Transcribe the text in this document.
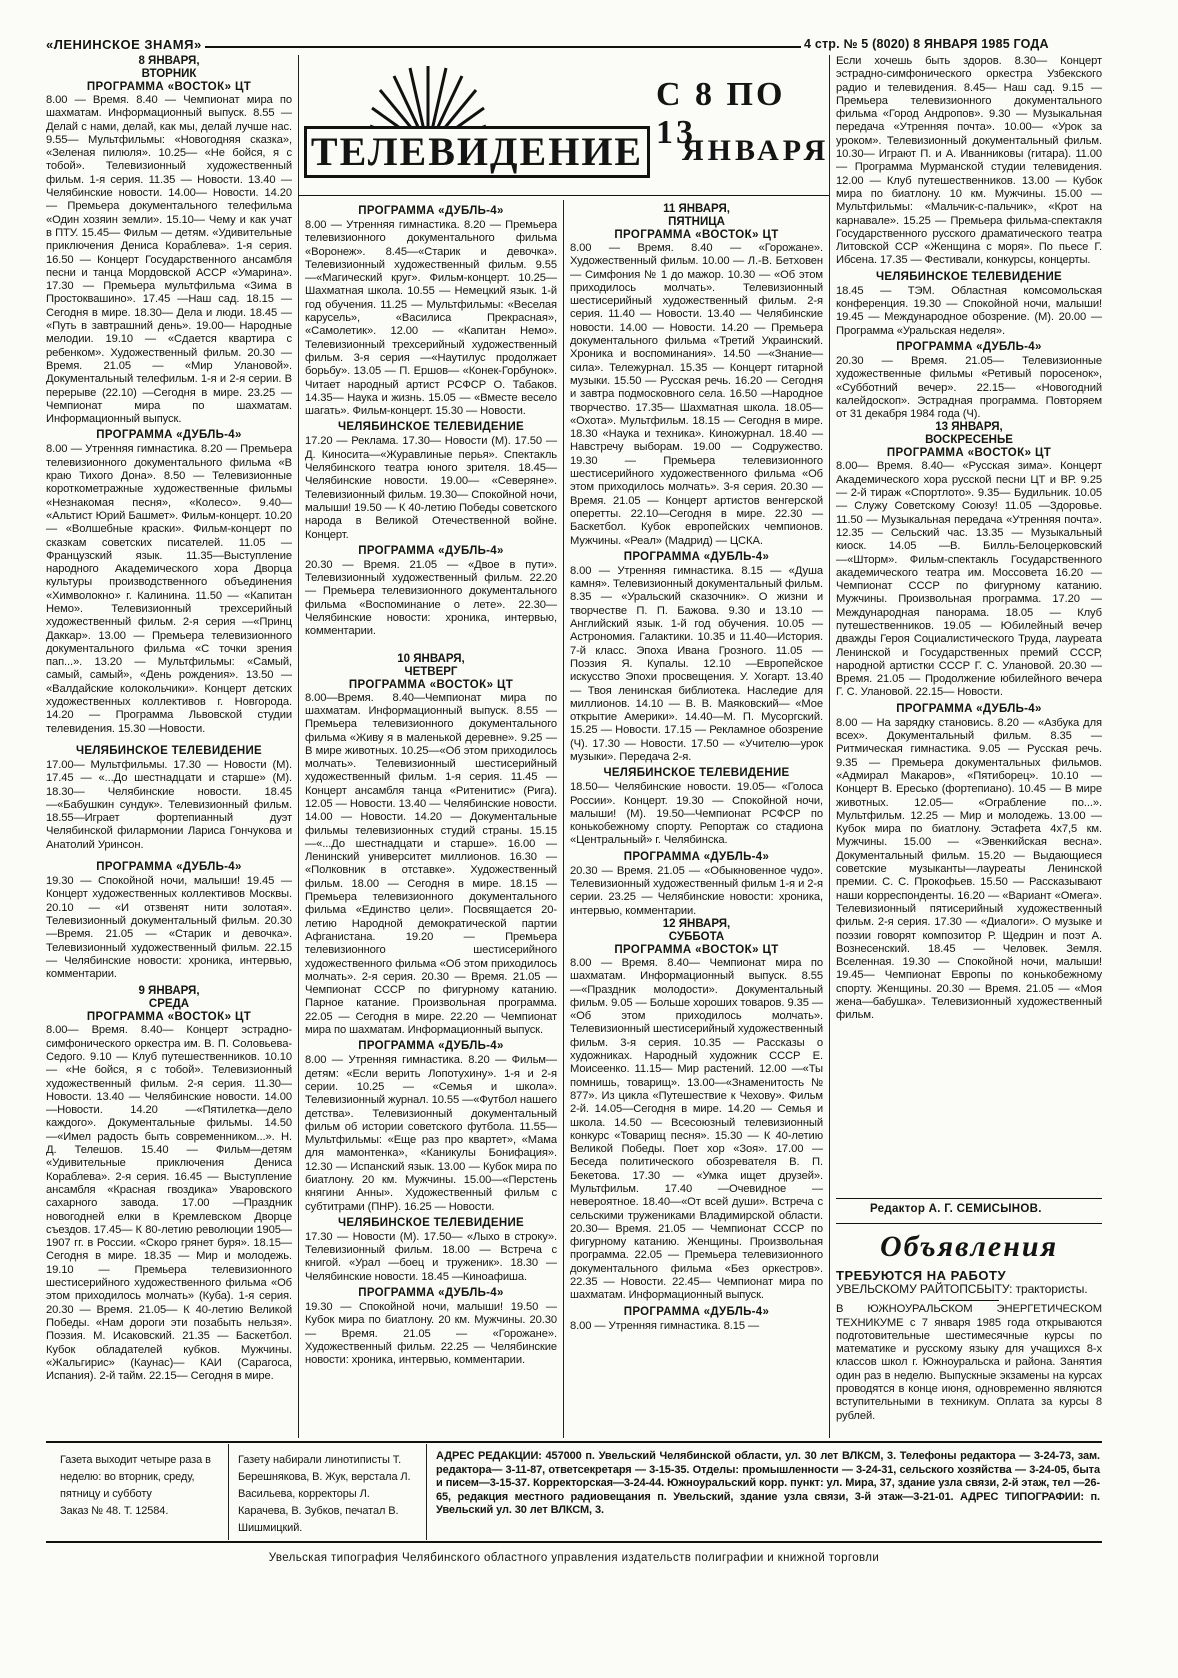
«ЛЕНИНСКОЕ ЗНАМЯ»	4 стр. № 5 (8020) 8 ЯНВАРЯ 1985 ГОДА
ТЕЛЕВИДЕНИЕ
С 8 ПО 13
ЯНВАРЯ
8 ЯНВАРЯ,
ВТОРНИК
ПРОГРАММА «ВОСТОК» ЦТ

8.00 — Время. 8.40 — Чемпионат мира по шахматам. Информационный выпуск. 8.55 — Делай с нами, делай, как мы, делай лучше нас. 9.55— Мультфильмы: «Новогодняя сказка», «Зеленая пилюля». 10.25— «Не бойся, я с тобой». Телевизионный художественный фильм. 1-я серия. 11.35 — Новости. 13.40 — Челябинские новости. 14.00— Новости. 14.20 — Премьера документального телефильма «Один хозяин земли». 15.10— Чему и как учат в ПТУ. 15.45— Фильм — детям. «Удивительные приключения Дениса Кораблева». 1-я серия. 16.50 — Концерт Государственного ансамбля песни и танца Мордовской АССР «Умарина». 17.30 — Премьера мультфильма «Зима в Простоквашино». 17.45 —Наш сад. 18.15 — Сегодня в мире. 18.30— Дела и люди. 18.45 — «Путь в завтрашний день». 19.00— Народные мелодии. 19.10 — «Сдается квартира с ребенком». Художественный фильм. 20.30 — Время. 21.05 — «Мир Улановой». Документальный телефильм. 1-я и 2-я серии. В перерыве (22.10) —Сегодня в мире. 23.25 — Чемпионат мира по шахматам. Информационный выпуск.

ПРОГРАММА «ДУБЛЬ-4»

8.00 — Утренняя гимнастика. 8.20 — Премьера телевизионного документального фильма «В краю Тихого Дона». 8.50 — Телевизионные короткометражные художественные фильмы «Незнакомая песня», «Колесо». 9.40— «Альтист Юрий Башмет». Фильм-концерт. 10.20— «Волшебные краски». Фильм-концерт по сказкам советских писателей. 11.05 — Французский язык. 11.35—Выступление народного Академического хора Дворца культуры производственного объединения «Химволокно» г. Калинина. 11.50 — «Капитан Немо». Телевизионный трехсерийный художественный фильм. 2-я серия —«Принц Даккар». 13.00 — Премьера телевизионного документального фильма «С точки зрения пап...». 13.20 — Мультфильмы: «Самый, самый, самый», «День рождения». 13.50 — «Валдайские колокольчики». Концерт детских художественных коллективов г. Новгорода. 14.20 — Программа Львовской студии телевидения. 15.30 —Новости.

ЧЕЛЯБИНСКОЕ ТЕЛЕВИДЕНИЕ

17.00— Мультфильмы. 17.30 — Новости (М). 17.45 — «...До шестнадцати и старше» (М). 18.30— Челябинские новости. 18.45 —«Бабушкин сундук». Телевизионный фильм. 18.55—Играет фортепианный дуэт Челябинской филармонии Лариса Гончукова и Анатолий Уринсон.

ПРОГРАММА «ДУБЛЬ-4»

19.30 — Спокойной ночи, малыши! 19.45 — Концерт художественных коллективов Москвы. 20.10 — «И отзвенят нити золотая». Телевизионный документальный фильм. 20.30—Время. 21.05 — «Старик и девочка». Телевизионный художественный фильм. 22.15 — Челябинские новости: хроника, интервью, комментарии.

9 ЯНВАРЯ,
СРЕДА
ПРОГРАММА «ВОСТОК» ЦТ

8.00— Время. 8.40— Концерт эстрадно-симфонического оркестра им. В. П. Соловьева-Седого. 9.10 — Клуб путешественников. 10.10 — «Не бойся, я с тобой». Телевизионный художественный фильм. 2-я серия. 11.30—Новости. 13.40 — Челябинские новости. 14.00 —Новости. 14.20 —«Пятилетка—дело каждого». Документальные фильмы. 14.50—«Имел радость быть современником...». Н. Д. Телешов. 15.40 — Фильм—детям «Удивительные приключения Дениса Кораблева». 2-я серия. 16.45 — Выступление ансамбля «Красная гвоздика» Уваровского сахарного завода. 17.00 —Праздник новогодней елки в Кремлевском Дворце съездов. 17.45— К 80-летию революции 1905—1907 гг. в России. «Скоро грянет буря». 18.15—Сегодня в мире. 18.35 — Мир и молодежь. 19.10 — Премьера телевизионного шестисерийного художественного фильма «Об этом приходилось молчать» (Куба). 1-я серия. 20.30 — Время. 21.05— К 40-летию Великой Победы. «Нам дороги эти позабыть нельзя». Поэзия. М. Исаковский. 21.35 — Баскетбол. Кубок обладателей кубков. Мужчины. «Жальгирис» (Каунас)— КАИ (Сарагоса, Испания). 2-й тайм. 22.15— Сегодня в мире.

ПРОГРАММА «ДУБЛЬ-4»

8.00 — Утренняя гимнастика. 8.20 — Премьера телевизионного документального фильма «Воронеж». 8.45—«Старик и девочка». Телевизионный художественный фильм. 9.55—«Магический круг». Фильм-концерт. 10.25— Шахматная школа. 10.55 — Немецкий язык. 1-й год обучения. 11.25 — Мультфильмы: «Веселая карусель», «Василиса Прекрасная», «Самолетик». 12.00 — «Капитан Немо». Телевизионный трехсерийный художественный фильм. 3-я серия —«Наутилус продолжает борьбу». 13.05 — П. Ершов— «Конек-Горбунок». Читает народный артист РСФСР О. Табаков. 14.35— Наука и жизнь. 15.05 — «Вместе весело шагать». Фильм-концерт. 15.30 — Новости.

ЧЕЛЯБИНСКОЕ ТЕЛЕВИДЕНИЕ

17.20 — Реклама. 17.30— Новости (М). 17.50 — Д. Киносита—«Журавлиные перья». Спектакль Челябинского театра юного зрителя. 18.45— Челябинские новости. 19.00— «Северяне». Телевизионный фильм. 19.30— Спокойной ночи, малыши! 19.50 — К 40-летию Победы советского народа в Великой Отечественной войне. Концерт.

ПРОГРАММА «ДУБЛЬ-4»

20.30 — Время. 21.05 — «Двое в пути». Телевизионный художественный фильм. 22.20 — Премьера телевизионного документального фильма «Воспоминание о лете». 22.30— Челябинские новости: хроника, интервью, комментарии.

10 ЯНВАРЯ,
ЧЕТВЕРГ
ПРОГРАММА «ВОСТОК» ЦТ

8.00—Время. 8.40—Чемпионат мира по шахматам. Информационный выпуск. 8.55 — Премьера телевизионного документального фильма «Живу я в маленькой деревне». 9.25 — В мире животных. 10.25—«Об этом приходилось молчать». Телевизионный шестисерийный художественный фильм. 1-я серия. 11.45 —Концерт ансамбля танца «Ритенитис» (Рига). 12.05 — Новости. 13.40 — Челябинские новости. 14.00 — Новости. 14.20 — Документальные фильмы телевизионных студий страны. 15.15—«...До шестнадцати и старше». 16.00 —Ленинский университет миллионов. 16.30 — «Полковник в отставке». Художественный фильм. 18.00 — Сегодня в мире. 18.15 — Премьера телевизионного документального фильма «Единство цели». Посвящается 20-летию Народной демократической партии Афганистана. 19.20 — Премьера телевизионного шестисерийного художественного фильма «Об этом приходилось молчать». 2-я серия. 20.30 — Время. 21.05 — Чемпионат СССР по фигурному катанию. Парное катание. Произвольная программа. 22.05 — Сегодня в мире. 22.20 — Чемпионат мира по шахматам. Информационный выпуск.

ПРОГРАММА «ДУБЛЬ-4»

8.00 — Утренняя гимнастика. 8.20 — Фильм— детям: «Если верить Лопотухину». 1-я и 2-я серии. 10.25 — «Семья и школа». Телевизионный журнал. 10.55 —«Футбол нашего детства». Телевизионный документальный фильм об истории советского футбола. 11.55— Мультфильмы: «Еще раз про квартет», «Мама для мамонтенка», «Каникулы Бонифация». 12.30 — Испанский язык. 13.00 — Кубок мира по биатлону. 20 км. Мужчины. 15.00—«Перстень княгини Анны». Художественный фильм с субтитрами (ПНР). 16.25 — Новости.

ЧЕЛЯБИНСКОЕ ТЕЛЕВИДЕНИЕ

17.30 — Новости (М). 17.50— «Лыхо в строку». Телевизионный фильм. 18.00 — Встреча с книгой. «Урал —боец и труженик». 18.30 — Челябинские новости. 18.45 —Киноафиша.

ПРОГРАММА «ДУБЛЬ-4»

19.30 — Спокойной ночи, малыши! 19.50 — Кубок мира по биатлону. 20 км. Мужчины. 20.30 — Время. 21.05 — «Горожане». Художественный фильм. 22.25 — Челябинские новости: хроника, интервью, комментарии.

11 ЯНВАРЯ,
ПЯТНИЦА
ПРОГРАММА «ВОСТОК» ЦТ

8.00 — Время. 8.40 — «Горожане». Художественный фильм. 10.00 — Л.-В. Бетховен — Симфония № 1 до мажор. 10.30 — «Об этом приходилось молчать». Телевизионный шестисерийный художественный фильм. 2-я серия. 11.40 — Новости. 13.40 — Челябинские новости. 14.00 — Новости. 14.20 — Премьера документального фильма «Третий Украинский. Хроника и воспоминания». 14.50 —«Знание—сила». Тележурнал. 15.35 — Концерт гитарной музыки. 15.50 — Русская речь. 16.20 — Сегодня и завтра подмосковного села. 16.50 —Народное творчество. 17.35— Шахматная школа. 18.05— «Охота». Мультфильм. 18.15 — Сегодня в мире. 18.30 «Наука и техника». Киножурнал. 18.40 — Навстречу выборам. 19.00 — Содружество. 19.30 — Премьера телевизионного шестисерийного художественного фильма «Об этом приходилось молчать». 3-я серия. 20.30 — Время. 21.05 — Концерт артистов венгерской оперетты. 22.10—Сегодня в мире. 22.30 — Баскетбол. Кубок европейских чемпионов. Мужчины. «Реал» (Мадрид) — ЦСКА.

ПРОГРАММА «ДУБЛЬ-4»

8.00 — Утренняя гимнастика. 8.15 — «Душа камня». Телевизионный документальный фильм. 8.35 — «Уральский сказочник». О жизни и творчестве П. П. Бажова. 9.30 и 13.10 — Английский язык. 1-й год обучения. 10.05 — Астрономия. Галактики. 10.35 и 11.40—История. 7-й класс. Эпоха Ивана Грозного. 11.05 — Поэзия Я. Купалы. 12.10 —Европейское искусство Эпохи просвещения. У. Хогарт. 13.40 — Твоя ленинская библиотека. Наследие для миллионов. 14.10 — В. В. Маяковский— «Мое открытие Америки». 14.40—М. П. Мусоргский. 15.25 — Новости. 17.15 — Рекламное обозрение (Ч). 17.30 — Новости. 17.50 — «Учителю—урок музыки». Передача 2-я.

ЧЕЛЯБИНСКОЕ ТЕЛЕВИДЕНИЕ

18.50— Челябинские новости. 19.05— «Голоса России». Концерт. 19.30 — Спокойной ночи, малыши! (М). 19.50—Чемпионат РСФСР по конькобежному спорту. Репортаж со стадиона «Центральный» г. Челябинска.

ПРОГРАММА «ДУБЛЬ-4»

20.30 — Время. 21.05 — «Обыкновенное чудо». Телевизионный художественный фильм 1-я и 2-я серии. 23.25 — Челябинские новости: хроника, интервью, комментарии.

12 ЯНВАРЯ,
СУББОТА
ПРОГРАММА «ВОСТОК» ЦТ

8.00 — Время. 8.40— Чемпионат мира по шахматам. Информационный выпуск. 8.55—«Праздник молодости». Документальный фильм. 9.05 — Больше хороших товаров. 9.35 — «Об этом приходилось молчать». Телевизионный шестисерийный художественный фильм. 3-я серия. 10.35 — Рассказы о художниках. Народный художник СССР Е. Моисеенко. 11.15— Мир растений. 12.00 —«Ты помнишь, товарищ». 13.00—«Знаменитость № 877». Из цикла «Путешествие к Чехову». Фильм 2-й. 14.05—Сегодня в мире. 14.20 — Семья и школа. 14.50 — Всесоюзный телевизионный конкурс «Товарищ песня». 15.30 — К 40-летию Великой Победы. Поет хор «Зоя». 17.00 — Беседа политического обозревателя В. П. Бекетова. 17.30 — «Умка ищет друзей». Мультфильм. 17.40 —Очевидное — невероятное. 18.40—«От всей души». Встреча с сельскими тружениками Владимирской области. 20.30— Время. 21.05 — Чемпионат СССР по фигурному катанию. Женщины. Произвольная программа. 22.05 — Премьера телевизионного документального фильма «Без оркестров». 22.35 — Новости. 22.45— Чемпионат мира по шахматам. Информационный выпуск.

ПРОГРАММА «ДУБЛЬ-4»

8.00 — Утренняя гимнастика. 8.15 —

Если хочешь быть здоров. 8.30— Концерт эстрадно-симфонического оркестра Узбекского радио и телевидения. 8.45— Наш сад. 9.15 — Премьера телевизионного документального фильма «Город Андропов». 9.30 — Музыкальная передача «Утренняя почта». 10.00— «Урок за уроком». Телевизионный документальный фильм. 10.30— Играют П. и А. Иванниковы (гитара). 11.00 — Программа Мурманской студии телевидения. 12.00 — Клуб путешественников. 13.00 — Кубок мира по биатлону. 10 км. Мужчины. 15.00 — Мультфильмы: «Мальчик-с-пальчик», «Крот на карнавале». 15.25 — Премьера фильма-спектакля Государственного русского драматического театра Литовской ССР «Женщина с моря». По пьесе Г. Ибсена. 17.35 — Фестивали, конкурсы, концерты.

ЧЕЛЯБИНСКОЕ ТЕЛЕВИДЕНИЕ

18.45 — ТЭМ. Областная комсомольская конференция. 19.30 — Спокойной ночи, малыши! 19.45 — Международное обозрение. (М). 20.00 — Программа «Уральская неделя».

ПРОГРАММА «ДУБЛЬ-4»

20.30 — Время. 21.05— Телевизионные художественные фильмы «Ретивый поросенок», «Субботний вечер». 22.15— «Новогодний калейдоскоп». Эстрадная программа. Повторяем от 31 декабря 1984 года (Ч).

13 ЯНВАРЯ,
ВОСКРЕСЕНЬЕ
ПРОГРАММА «ВОСТОК» ЦТ

8.00— Время. 8.40— «Русская зима». Концерт Академического хора русской песни ЦТ и ВР. 9.25 — 2-й тираж «Спортлото». 9.35— Будильник. 10.05— Служу Советскому Союзу! 11.05 —Здоровье. 11.50 — Музыкальная передача «Утренняя почта». 12.35 — Сельский час. 13.35 — Музыкальный киоск. 14.05 —В. Билль-Белоцерковский —«Шторм». Фильм-спектакль Государственного академического театра им. Моссовета 16.20 — Чемпионат СССР по фигурному катанию. Мужчины. Произвольная программа. 17.20 — Международная панорама. 18.05 — Клуб путешественников. 19.05 — Юбилейный вечер дважды Героя Социалистического Труда, лауреата Ленинской и Государственных премий СССР, народной артистки СССР Г. С. Улановой. 20.30 — Время. 21.05 — Продолжение юбилейного вечера Г. С. Улановой. 22.15— Новости.

ПРОГРАММА «ДУБЛЬ-4»

8.00 — На зарядку становись. 8.20 — «Азбука для всех». Документальный фильм. 8.35 — Ритмическая гимнастика. 9.05 — Русская речь. 9.35 — Премьера документальных фильмов. «Адмирал Макаров», «Пятиборец». 10.10 — Концерт В. Ересько (фортепиано). 10.45 — В мире животных. 12.05— «Ограбление по...». Мультфильм. 12.25 — Мир и молодежь. 13.00 — Кубок мира по биатлону. Эстафета 4х7,5 км. Мужчины. 15.00 — «Эвенкийская весна». Документальный фильм. 15.20 — Выдающиеся советские музыканты—лауреаты Ленинской премии. С. С. Прокофьев. 15.50 — Рассказывают наши корреспонденты. 16.20 — «Вариант «Омега». Телевизионный пятисерийный художественный фильм. 2-я серия. 17.30 — «Диалоги». О музыке и поэзии говорят композитор Р. Щедрин и поэт А. Вознесенский. 18.45 — Человек. Земля. Вселенная. 19.30 — Спокойной ночи, малыши! 19.45— Чемпионат Европы по конькобежному спорту. Женщины. 20.30 — Время. 21.05 — «Моя жена—бабушка». Телевизионный художественный фильм.

Редактор А. Г. СЕМИСЫНОВ.
Объявления
ТРЕБУЮТСЯ НА РАБОТУ
УВЕЛЬСКОМУ РАЙТОПСБЫТУ: трактористы.
В ЮЖНОУРАЛЬСКОМ ЭНЕРГЕТИЧЕСКОМ ТЕХНИКУМЕ с 7 января 1985 года открываются подготовительные шестимесячные курсы по математике и русскому языку для учащихся 8-х классов школ г. Южноуральска и района. Занятия один раз в неделю. Выпускные экзамены на курсах проводятся в конце июня, одновременно являются вступительными в техникум. Оплата за курсы 8 рублей.
Газета выходит четыре раза в неделю: во вторник, среду, пятницу и субботу
Заказ № 48. Т. 12584.
Газету набирали линотиписты Т. Берешнякова, В. Жук, верстала Л. Васильева, корректоры Л. Карачева, В. Зубков, печатал В. Шишмицкий.
АДРЕС РЕДАКЦИИ: 457000 п. Увельский Челябинской области, ул. 30 лет ВЛКСМ, 3. Телефоны редактора — 3-24-73, зам. редактора— 3-11-87, ответсекретаря — 3-15-35. Отделы: промышленности — 3-24-31, сельского хозяйства — 3-24-05, быта и писем—3-15-37. Корректорская—3-24-44. Южноуральский корр. пункт: ул. Мира, 37, здание узла связи, 2-й этаж, тел —26-65, редакция местного радиовещания п. Увельский, здание узла связи, 3-й этаж—3-21-01. АДРЕС ТИПОГРАФИИ: п. Увельский ул. 30 лет ВЛКСМ, 3.
Увельская типография Челябинского областного управления издательств полиграфии и книжной торговли
